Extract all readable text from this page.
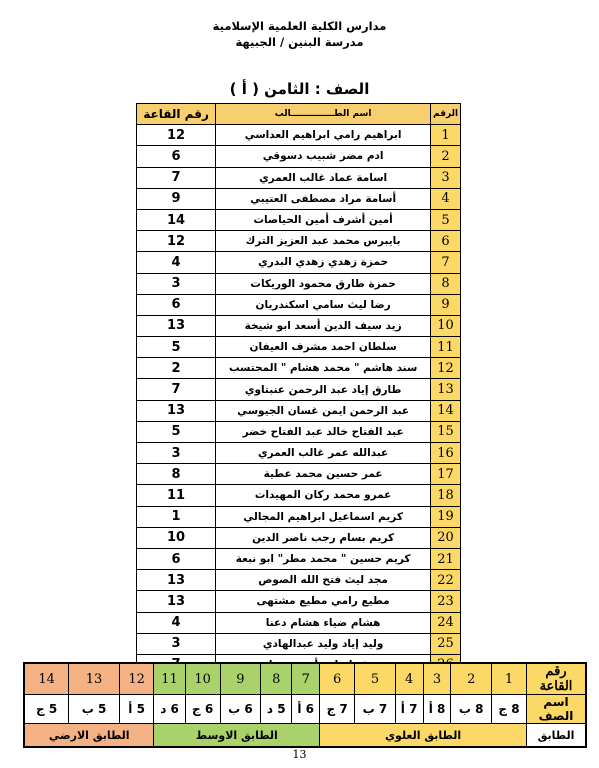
مدارس الكلية العلمية الإسلامية
مدرسة البنين / الجبيهة
الصف : الثامن ( أ )
الرقم	اسم الطــــــــــــــالب	رقم القاعة
1	ابراهيم رامي ابراهيم العداسي	12
2	ادم مضر شبيب دسوقي	6
3	اسامة عماد غالب العمري	7
4	أسامة مراد مصطفى العتيبي	9
5	أمين أشرف أمين الحياصات	14
6	بايبرس محمد عبد العزيز الترك	12
7	حمزة زهدي زهدي البدري	4
8	حمزة طارق محمود الوريكات	3
9	رضا ليث سامي اسكندريان	6
10	زيد سيف الدين أسعد ابو شيخة	13
11	سلطان احمد مشرف العيفان	5
12	سند هاشم " محمد هشام " المحتسب	2
13	طارق إياد عبد الرحمن عنبتاوي	7
14	عبد الرحمن ايمن غسان الجيوسي	13
15	عبد الفتاح خالد عبد الفتاح خضر	5
16	عبدالله عمر غالب العمري	3
17	عمر حسين محمد عطية	8
18	عمرو محمد ركان المهيدات	11
19	كريم اسماعيل ابراهيم المجالي	1
20	كريم بسام رجب ناصر الدين	10
21	كريم حسين " محمد مطر" ابو نبعة	6
22	مجد ليث فتح الله الصوص	13
23	مطيع رامي مطيع مشتهى	13
24	هشام ضياء هشام دعنا	4
25	وليد إياد وليد عبدالهادي	3

رقم القاعة	1	2	3	4	5	6	7	8	9	10	11	12	13	14
اسم الصف	8 ج	8 ب	8 أ	7 أ	7 ب	7 ج	6 أ	5 د	6 ب	6 ج	6 د	5 أ	5 ب	5 ج
الطابق	الطابق العلوي						الطابق الاوسط					الطابق الارضي		
13
